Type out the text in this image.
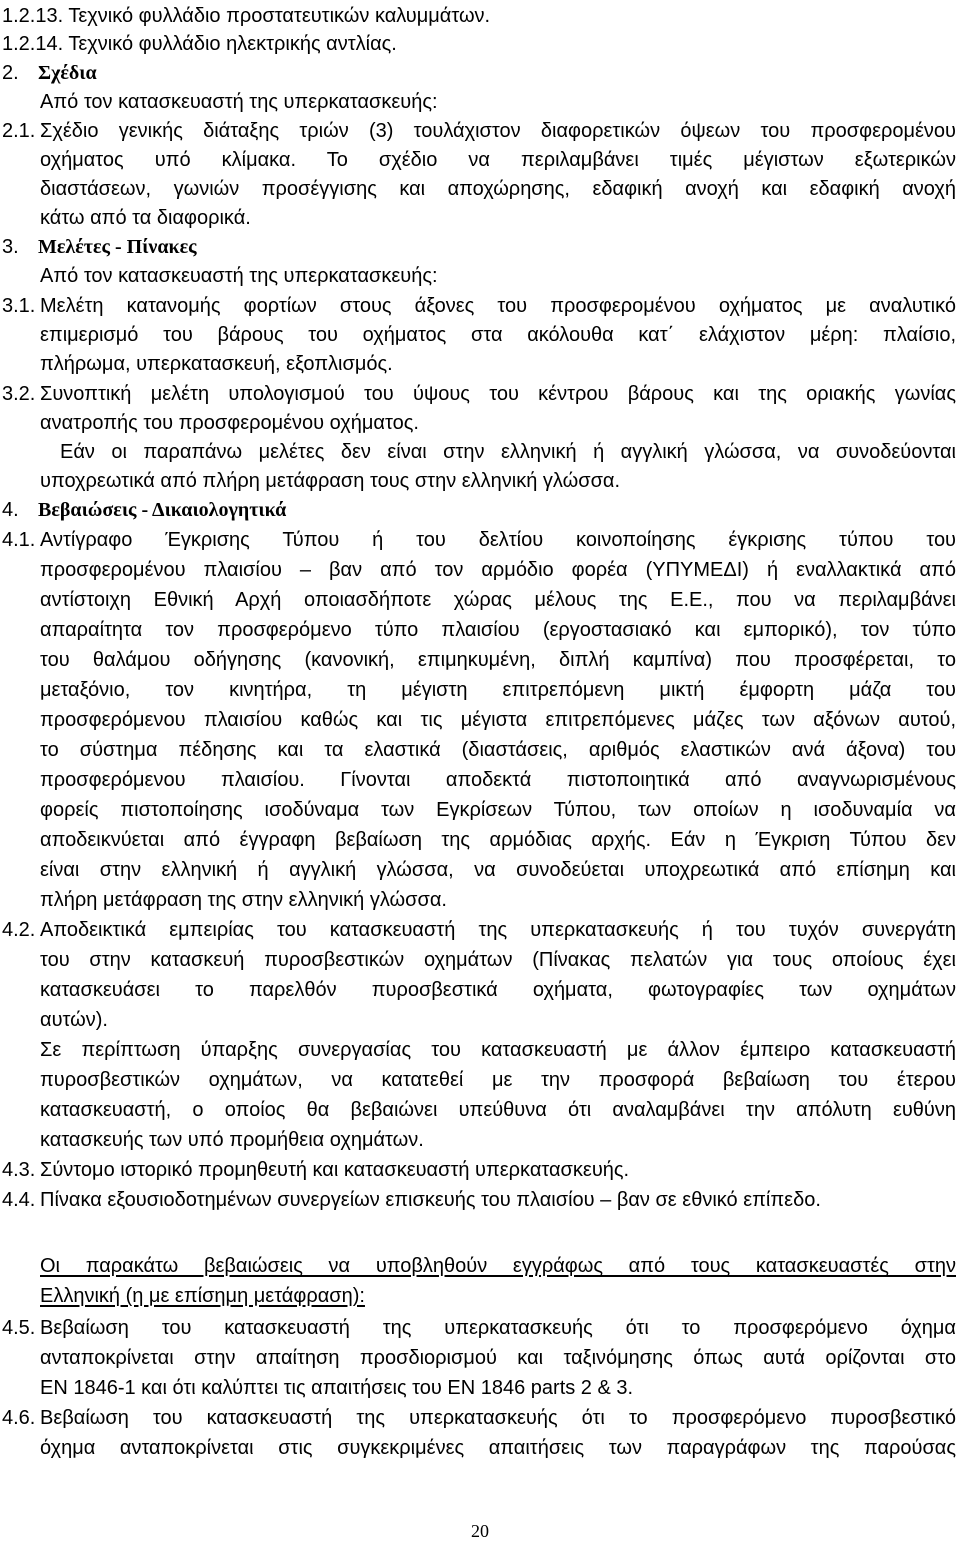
1.2.13. Τεχνικό φυλλάδιο προστατευτικών καλυμμάτων.
1.2.14. Τεχνικό φυλλάδιο ηλεκτρικής αντλίας.
2. Σχέδια
Από τον κατασκευαστή της υπερκατασκευής:
2.1. Σχέδιο γενικής διάταξης τριών (3) τουλάχιστον διαφορετικών όψεων του προσφερομένου
οχήματος υπό κλίμακα. Το σχέδιο να περιλαμβάνει τιμές μέγιστων εξωτερικών
διαστάσεων, γωνιών προσέγγισης και αποχώρησης, εδαφική ανοχή και εδαφική ανοχή
κάτω από τα διαφορικά.
3. Μελέτες - Πίνακες
Από τον κατασκευαστή της υπερκατασκευής:
3.1. Μελέτη κατανομής φορτίων στους άξονες του προσφερομένου οχήματος με αναλυτικό
επιμερισμό του βάρους του οχήματος στα ακόλουθα κατ΄ ελάχιστον μέρη: πλαίσιο,
πλήρωμα, υπερκατασκευή, εξοπλισμός.
3.2. Συνοπτική μελέτη υπολογισμού του ύψους του κέντρου βάρους και της οριακής γωνίας
ανατροπής του προσφερομένου οχήματος.
Εάν οι παραπάνω μελέτες δεν είναι στην ελληνική ή αγγλική γλώσσα, να συνοδεύονται
υποχρεωτικά από πλήρη μετάφραση τους στην ελληνική γλώσσα.
4. Βεβαιώσεις - Δικαιολογητικά
4.1. Αντίγραφο Έγκρισης Τύπου ή του δελτίου κοινοποίησης έγκρισης τύπου του
προσφερομένου πλαισίου – βαν από τον αρμόδιο φορέα (ΥΠΥΜΕΔΙ) ή εναλλακτικά από
αντίστοιχη Εθνική Αρχή οποιασδήποτε χώρας μέλους της Ε.Ε., που να περιλαμβάνει
απαραίτητα τον προσφερόμενο τύπο πλαισίου (εργοστασιακό και εμπορικό), τον τύπο
του θαλάμου οδήγησης (κανονική, επιμηκυμένη, διπλή καμπίνα) που προσφέρεται, το
μεταξόνιο, τον κινητήρα, τη μέγιστη επιτρεπόμενη μικτή έμφορτη μάζα του
προσφερόμενου πλαισίου καθώς και τις μέγιστα επιτρεπόμενες μάζες των αξόνων αυτού,
το σύστημα πέδησης και τα ελαστικά (διαστάσεις, αριθμός ελαστικών ανά άξονα) του
προσφερόμενου πλαισίου. Γίνονται αποδεκτά πιστοποιητικά από αναγνωρισμένους
φορείς πιστοποίησης ισοδύναμα των Εγκρίσεων Τύπου, των οποίων η ισοδυναμία να
αποδεικνύεται από έγγραφη βεβαίωση της αρμόδιας αρχής. Εάν η Έγκριση Τύπου δεν
είναι στην ελληνική ή αγγλική γλώσσα, να συνοδεύεται υποχρεωτικά από επίσημη και
πλήρη μετάφραση της στην ελληνική γλώσσα.
4.2. Αποδεικτικά εμπειρίας του κατασκευαστή της υπερκατασκευής ή του τυχόν συνεργάτη
του στην κατασκευή πυροσβεστικών οχημάτων (Πίνακας πελατών για τους οποίους έχει
κατασκευάσει το παρελθόν πυροσβεστικά οχήματα, φωτογραφίες των οχημάτων
αυτών).
Σε περίπτωση ύπαρξης συνεργασίας του κατασκευαστή με άλλον έμπειρο κατασκευαστή
πυροσβεστικών οχημάτων, να κατατεθεί με την προσφορά βεβαίωση του έτερου
κατασκευαστή, ο οποίος θα βεβαιώνει υπεύθυνα ότι αναλαμβάνει την απόλυτη ευθύνη
κατασκευής των υπό προμήθεια οχημάτων.
4.3. Σύντομο ιστορικό προμηθευτή και κατασκευαστή υπερκατασκευής.
4.4. Πίνακα εξουσιοδοτημένων συνεργείων επισκευής του πλαισίου – βαν σε εθνικό επίπεδο.
Οι παρακάτω βεβαιώσεις να υποβληθούν εγγράφως από τους κατασκευαστές στην
Ελληνική (η με επίσημη μετάφραση):
4.5. Βεβαίωση του κατασκευαστή της υπερκατασκευής ότι το προσφερόμενο όχημα
ανταποκρίνεται στην απαίτηση προσδιορισμού και ταξινόμησης όπως αυτά ορίζονται στο
EN 1846-1 και ότι καλύπτει τις απαιτήσεις του EN 1846 parts 2 & 3.
4.6. Βεβαίωση του κατασκευαστή της υπερκατασκευής ότι το προσφερόμενο πυροσβεστικό
όχημα ανταποκρίνεται στις συγκεκριμένες απαιτήσεις των παραγράφων της παρούσας
20
